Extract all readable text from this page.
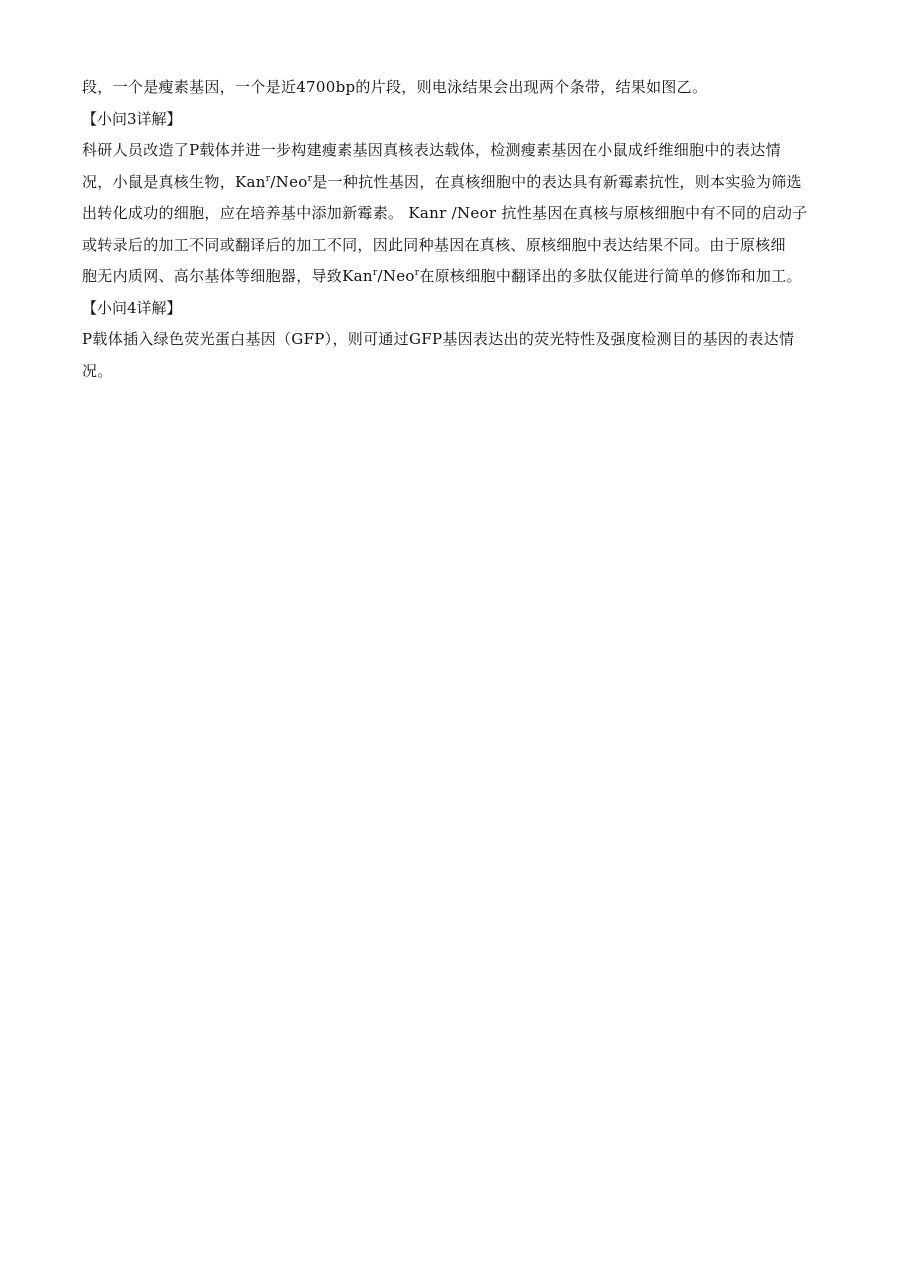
段，一个是瘦素基因，一个是近4700bp的片段，则电泳结果会出现两个条带，结果如图乙。
【小问3详解】
科研人员改造了P载体并进一步构建瘦素基因真核表达载体，检测瘦素基因在小鼠成纤维细胞中的表达情
况，小鼠是真核生物，Kan$^r$/Neo$^r$是一种抗性基因，在真核细胞中的表达具有新霉素抗性，则本实验为筛选
出转化成功的细胞，应在培养基中添加新霉素。 Kanr /Neor 抗性基因在真核与原核细胞中有不同的启动子
或转录后的加工不同或翻译后的加工不同，因此同种基因在真核、原核细胞中表达结果不同。由于原核细
胞无内质网、高尔基体等细胞器，导致Kan$^r$/Neo$^r$在原核细胞中翻译出的多肽仅能进行简单的修饰和加工。
【小问4详解】
P载体插入绿色荧光蛋白基因（GFP），则可通过GFP基因表达出的荧光特性及强度检测目的基因的表达情
况。
